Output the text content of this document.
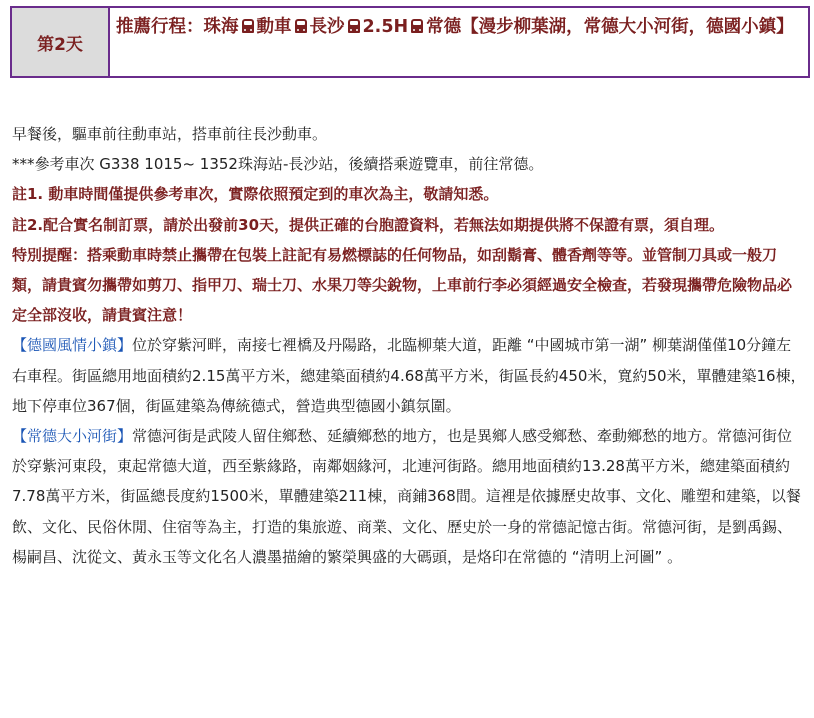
第2天
推薦行程：珠海 動車 長沙 2.5H 常德【漫步柳葉湖，常德大小河街，德國小鎮】

早餐後，驅車前往動車站，搭車前往長沙動車。

***參考車次 G338 1015~ 1352珠海站-長沙站，後續搭乘遊覽車，前往常德。

註1. 動車時間僅提供參考車次，實際依照預定到的車次為主，敬請知悉。

註2.配合實名制訂票，請於出發前30天，提供正確的台胞證資料，若無法如期提供將不保證有票，須自理。

特別提醒：搭乘動車時禁止攜帶在包裝上註記有易燃標誌的任何物品，如刮鬍膏、體香劑等等。並管制刀具或一般刀類，請貴賓勿攜帶如剪刀、指甲刀、瑞士刀、水果刀等尖銳物，上車前行李必須經過安全檢查，若發現攜帶危險物品必定全部沒收，請貴賓注意！

【德國風情小鎮】位於穿紫河畔，南接七裡橋及丹陽路，北臨柳葉大道，距離 “中國城市第一湖” 柳葉湖僅僅10分鐘左右車程。街區總用地面積約2.15萬平方米，總建築面積約4.68萬平方米，街區長約450米，寬約50米，單體建築16棟，地下停車位367個，街區建築為傳統德式，營造典型德國小鎮氛圍。

【常德大小河街】常德河街是武陵人留住鄉愁、延續鄉愁的地方，也是異鄉人感受鄉愁、牽動鄉愁的地方。常德河街位於穿紫河東段，東起常德大道，西至紫緣路，南鄰姻緣河，北連河街路。總用地面積約13.28萬平方米，總建築面積約7.78萬平方米，街區總長度約1500米，單體建築211棟，商鋪368間。這裡是依據歷史故事、文化、雕塑和建築，以餐飲、文化、民俗休閒、住宿等為主，打造的集旅遊、商業、文化、歷史於一身的常德記憶古街。常德河街，是劉禹錫、楊嗣昌、沈從文、黃永玉等文化名人濃墨描繪的繁榮興盛的大碼頭，是烙印在常德的 “清明上河圖” 。
